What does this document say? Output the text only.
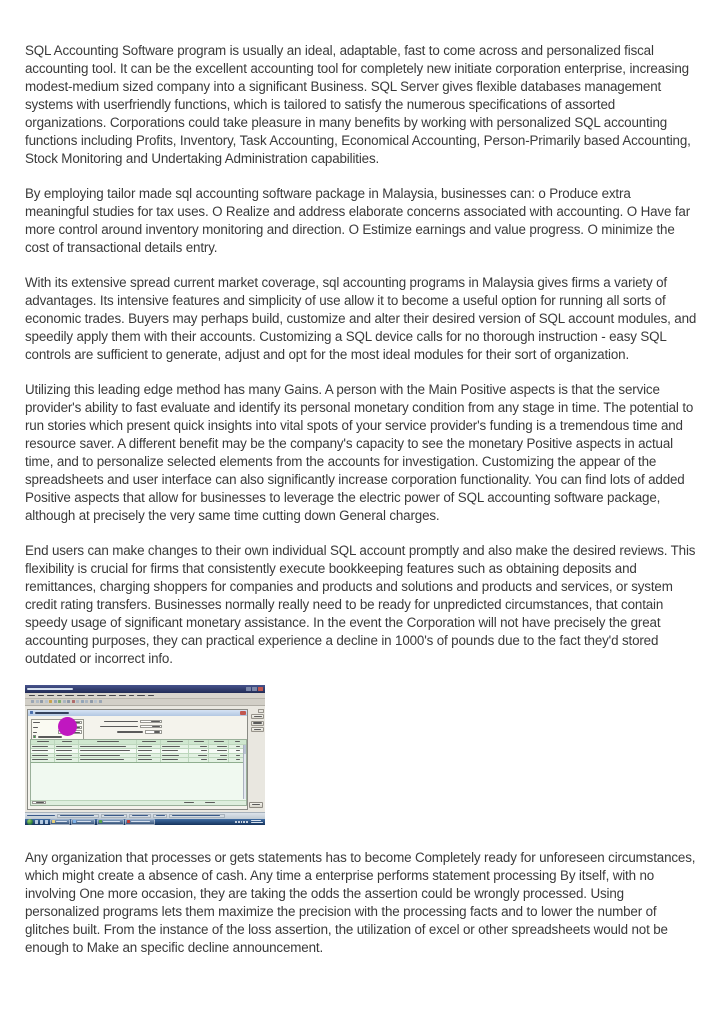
SQL Accounting Software program is usually an ideal, adaptable, fast to come across and personalized fiscal accounting tool. It can be the excellent accounting tool for completely new initiate corporation enterprise, increasing modest-medium sized company into a significant Business. SQL Server gives flexible databases management systems with userfriendly functions, which is tailored to satisfy the numerous specifications of assorted organizations. Corporations could take pleasure in many benefits by working with personalized SQL accounting functions including Profits, Inventory, Task Accounting, Economical Accounting, Person-Primarily based Accounting, Stock Monitoring and Undertaking Administration capabilities.

By employing tailor made sql accounting software package in Malaysia, businesses can: o Produce extra meaningful studies for tax uses. O Realize and address elaborate concerns associated with accounting. O Have far more control around inventory monitoring and direction. O Estimize earnings and value progress. O minimize the cost of transactional details entry.

With its extensive spread current market coverage, sql accounting programs in Malaysia gives firms a variety of advantages. Its intensive features and simplicity of use allow it to become a useful option for running all sorts of economic trades. Buyers may perhaps build, customize and alter their desired version of SQL account modules, and speedily apply them with their accounts. Customizing a SQL device calls for no thorough instruction - easy SQL controls are sufficient to generate, adjust and opt for the most ideal modules for their sort of organization.

Utilizing this leading edge method has many Gains. A person with the Main Positive aspects is that the service provider's ability to fast evaluate and identify its personal monetary condition from any stage in time. The potential to run stories which present quick insights into vital spots of your service provider's funding is a tremendous time and resource saver. A different benefit may be the company's capacity to see the monetary Positive aspects in actual time, and to personalize selected elements from the accounts for investigation. Customizing the appear of the spreadsheets and user interface can also significantly increase corporation functionality. You can find lots of added Positive aspects that allow for businesses to leverage the electric power of SQL accounting software package, although at precisely the very same time cutting down General charges.

End users can make changes to their own individual SQL account promptly and also make the desired reviews. This flexibility is crucial for firms that consistently execute bookkeeping features such as obtaining deposits and remittances, charging shoppers for companies and products and solutions and products and services, or system credit rating transfers. Businesses normally really need to be ready for unpredicted circumstances, that contain speedy usage of significant monetary assistance. In the event the Corporation will not have precisely the great accounting purposes, they can practical experience a decline in 1000's of pounds due to the fact they'd stored outdated or incorrect info.

Any organization that processes or gets statements has to become Completely ready for unforeseen circumstances, which might create a absence of cash. Any time a enterprise performs statement processing By itself, with no involving One more occasion, they are taking the odds the assertion could be wrongly processed. Using personalized programs lets them maximize the precision with the processing facts and to lower the number of glitches built. From the instance of the loss assertion, the utilization of excel or other spreadsheets would not be enough to Make an specific decline announcement.
